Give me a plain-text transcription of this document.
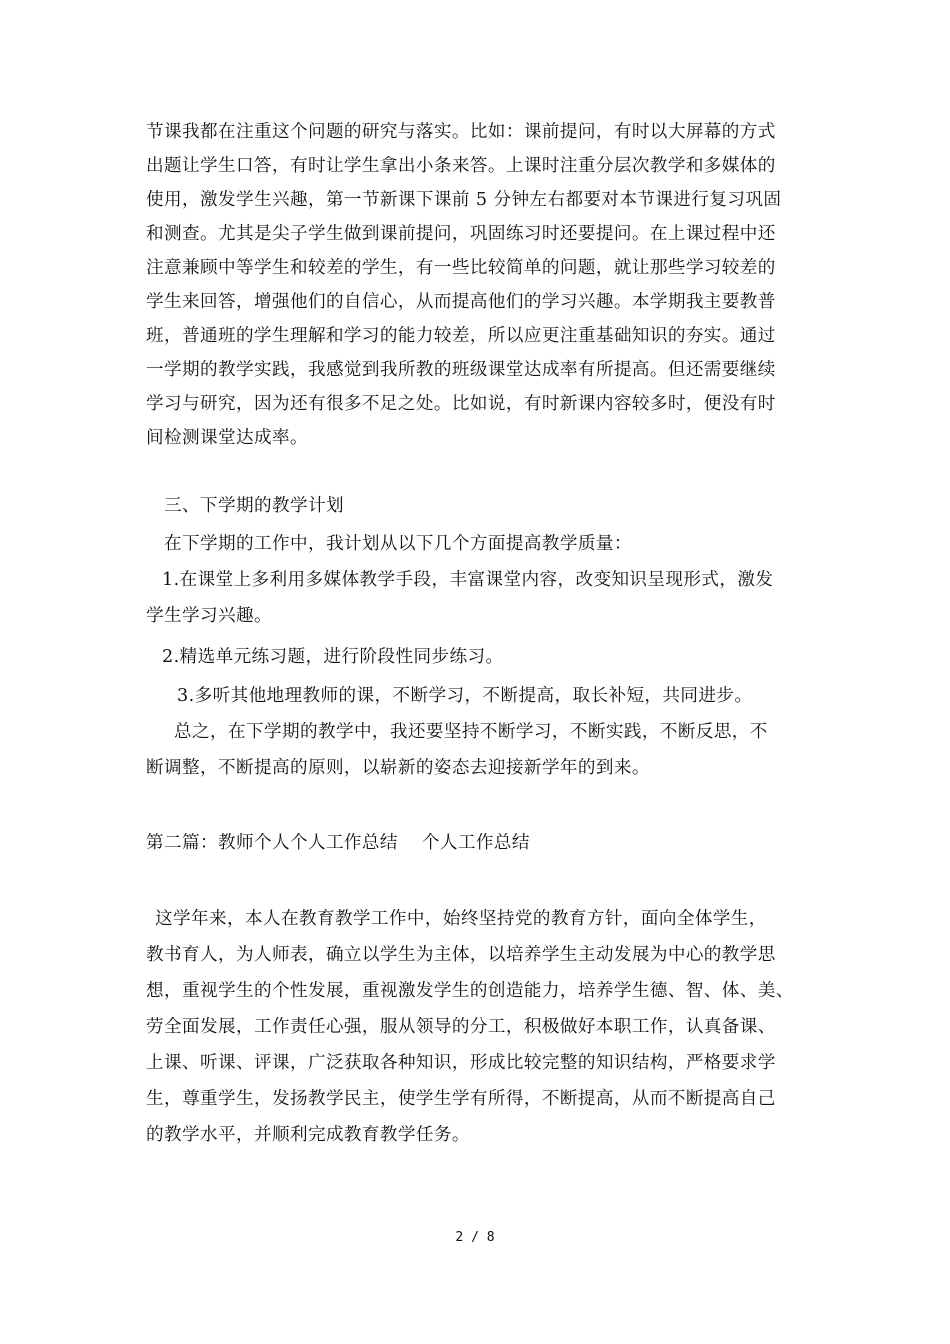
节课我都在注重这个问题的研究与落实。比如：课前提问，有时以大屏幕的方式
出题让学生口答，有时让学生拿出小条来答。上课时注重分层次教学和多媒体的
使用，激发学生兴趣，第一节新课下课前 5 分钟左右都要对本节课进行复习巩固
和测查。尤其是尖子学生做到课前提问，巩固练习时还要提问。在上课过程中还
注意兼顾中等学生和较差的学生，有一些比较简单的问题，就让那些学习较差的
学生来回答，增强他们的自信心，从而提高他们的学习兴趣。本学期我主要教普
班，普通班的学生理解和学习的能力较差，所以应更注重基础知识的夯实。通过
一学期的教学实践，我感觉到我所教的班级课堂达成率有所提高。但还需要继续
学习与研究，因为还有很多不足之处。比如说，有时新课内容较多时，便没有时
间检测课堂达成率。
三、下学期的教学计划
在下学期的工作中，我计划从以下几个方面提高教学质量：
1.在课堂上多利用多媒体教学手段，丰富课堂内容，改变知识呈现形式，激发
学生学习兴趣。
2.精选单元练习题，进行阶段性同步练习。
3.多听其他地理教师的课，不断学习，不断提高，取长补短，共同进步。
总之，在下学期的教学中，我还要坚持不断学习，不断实践，不断反思，不
断调整，不断提高的原则，以崭新的姿态去迎接新学年的到来。
第二篇：教师个人个人工作总结　 个人工作总结
这学年来，本人在教育教学工作中，始终坚持党的教育方针，面向全体学生，
教书育人，为人师表，确立以学生为主体，以培养学生主动发展为中心的教学思
想，重视学生的个性发展，重视激发学生的创造能力，培养学生德、智、体、美、
劳全面发展，工作责任心强，服从领导的分工，积极做好本职工作，认真备课、
上课、听课、评课，广泛获取各种知识，形成比较完整的知识结构，严格要求学
生，尊重学生，发扬教学民主，使学生学有所得，不断提高，从而不断提高自己
的教学水平，并顺利完成教育教学任务。
2 / 8
